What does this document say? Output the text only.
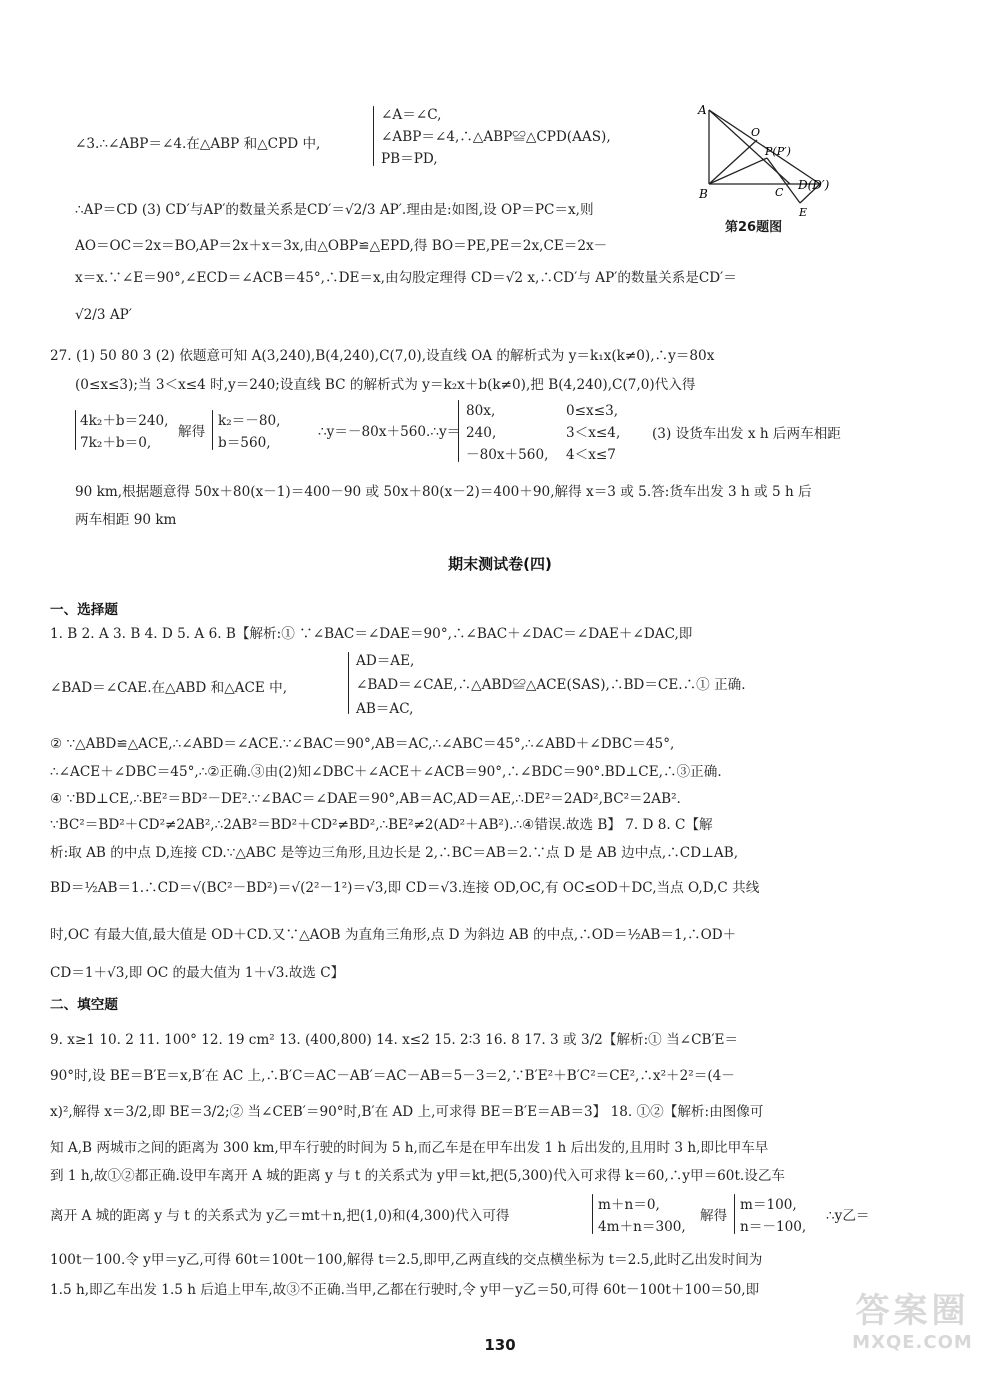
∠3.∴∠ABP＝∠4.在△ABP 和△CPD 中,
∠A＝∠C,
∠ABP＝∠4,∴△ABP≌△CPD(AAS),
PB＝PD,
A
O
P(P′)
B	C
D(D′)
E
第26题图
∴AP＝CD (3) CD′与AP′的数量关系是CD′＝√2/3 AP′.理由是:如图,设 OP＝PC＝x,则
AO＝OC＝2x＝BO,AP＝2x＋x＝3x,由△OBP≌△EPD,得 BO＝PE,PE＝2x,CE＝2x－
x＝x.∵∠E＝90°,∠ECD＝∠ACB＝45°,∴DE＝x,由勾股定理得 CD＝√2 x,∴CD′与 AP′的数量关系是CD′＝
√2/3 AP′
27. (1) 50 80 3 (2) 依题意可知 A(3,240),B(4,240),C(7,0),设直线 OA 的解析式为 y＝k₁x(k≠0),∴y＝80x
(0≤x≤3);当 3＜x≤4 时,y＝240;设直线 BC 的解析式为 y＝k₂x＋b(k≠0),把 B(4,240),C(7,0)代入得
4k₂＋b＝240,
7k₂＋b＝0,
解得
k₂＝－80,
b＝560,
∴y＝－80x＋560.∴y＝
80x,
240,
－80x＋560,
0≤x≤3,
3＜x≤4,
4＜x≤7
(3) 设货车出发 x h 后两车相距
90 km,根据题意得 50x＋80(x－1)＝400－90 或 50x＋80(x－2)＝400＋90,解得 x＝3 或 5.答:货车出发 3 h 或 5 h 后
两车相距 90 km
期末测试卷(四)
一、选择题
1. B 2. A 3. B 4. D 5. A 6. B【解析:① ∵∠BAC＝∠DAE＝90°,∴∠BAC＋∠DAC＝∠DAE＋∠DAC,即
∠BAD＝∠CAE.在△ABD 和△ACE 中,
AD＝AE,
∠BAD＝∠CAE,∴△ABD≌△ACE(SAS),∴BD＝CE.∴① 正确.
AB＝AC,
② ∵△ABD≌△ACE,∴∠ABD＝∠ACE.∵∠BAC＝90°,AB＝AC,∴∠ABC＝45°,∴∠ABD＋∠DBC＝45°,
∴∠ACE＋∠DBC＝45°,∴②正确.③由(2)知∠DBC＋∠ACE＋∠ACB＝90°,∴∠BDC＝90°.BD⊥CE,∴③正确.
④ ∵BD⊥CE,∴BE²＝BD²－DE².∵∠BAC＝∠DAE＝90°,AB＝AC,AD＝AE,∴DE²＝2AD²,BC²＝2AB².
∵BC²＝BD²＋CD²≠2AB²,∴2AB²＝BD²＋CD²≠BD²,∴BE²≠2(AD²＋AB²).∴④错误.故选 B】 7. D 8. C【解
析:取 AB 的中点 D,连接 CD.∵△ABC 是等边三角形,且边长是 2,∴BC＝AB＝2.∵点 D 是 AB 边中点,∴CD⊥AB,
BD＝½AB＝1.∴CD＝√(BC²－BD²)＝√(2²－1²)＝√3,即 CD＝√3.连接 OD,OC,有 OC≤OD＋DC,当点 O,D,C 共线
时,OC 有最大值,最大值是 OD＋CD.又∵△AOB 为直角三角形,点 D 为斜边 AB 的中点,∴OD＝½AB＝1,∴OD＋
CD＝1＋√3,即 OC 的最大值为 1＋√3.故选 C】
二、填空题
9. x≥1 10. 2 11. 100° 12. 19 cm² 13. (400,800) 14. x≤2 15. 2∶3 16. 8 17. 3 或 3/2【解析:① 当∠CB′E＝
90°时,设 BE＝B′E＝x,B′在 AC 上,∴B′C＝AC－AB′＝AC－AB＝5－3＝2,∵B′E²＋B′C²＝CE²,∴x²＋2²＝(4－
x)²,解得 x＝3/2,即 BE＝3/2;② 当∠CEB′＝90°时,B′在 AD 上,可求得 BE＝B′E＝AB＝3】 18. ①②【解析:由图像可
知 A,B 两城市之间的距离为 300 km,甲车行驶的时间为 5 h,而乙车是在甲车出发 1 h 后出发的,且用时 3 h,即比甲车早
到 1 h,故①②都正确.设甲车离开 A 城的距离 y 与 t 的关系式为 y甲＝kt,把(5,300)代入可求得 k＝60,∴y甲＝60t.设乙车
离开 A 城的距离 y 与 t 的关系式为 y乙＝mt＋n,把(1,0)和(4,300)代入可得
m＋n＝0,
4m＋n＝300,
解得
m＝100,
n＝－100,
∴y乙＝
100t－100.令 y甲＝y乙,可得 60t＝100t－100,解得 t＝2.5,即甲,乙两直线的交点横坐标为 t＝2.5,此时乙出发时间为
1.5 h,即乙车出发 1.5 h 后追上甲车,故③不正确.当甲,乙都在行驶时,令 y甲－y乙＝50,可得 60t－100t＋100＝50,即
130
答案圈
MXQE.COM
